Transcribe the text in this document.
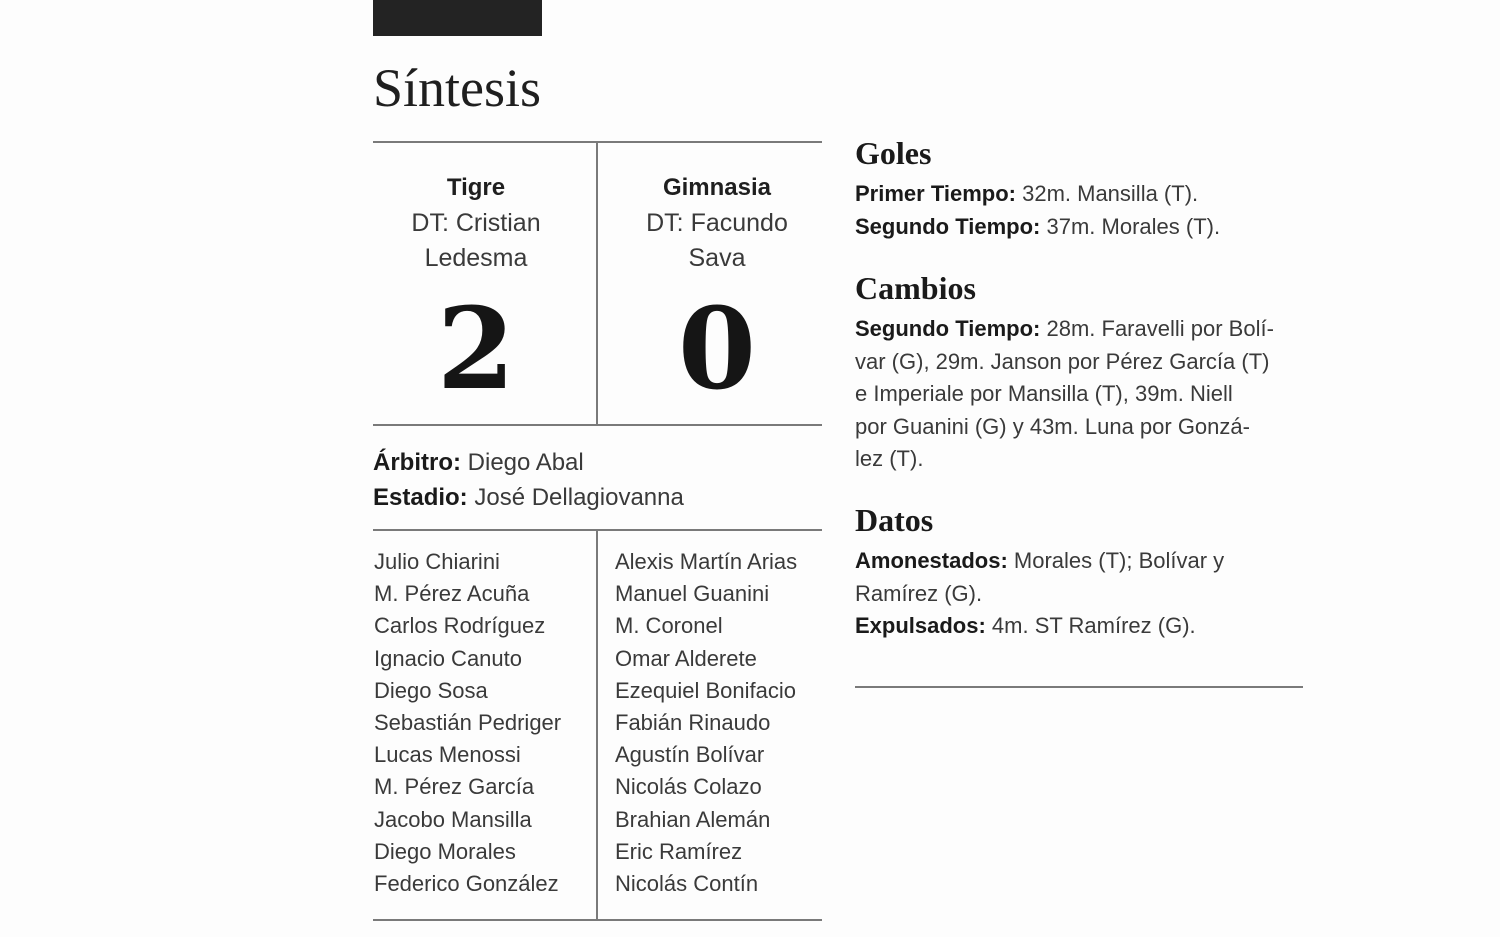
Síntesis
Tigre
DT: Cristian
Ledesma
Gimnasia
DT: Facundo
Sava
2	0
Árbitro: Diego Abal
Estadio: José Dellagiovanna
Julio Chiarini
M. Pérez Acuña
Carlos Rodríguez
Ignacio Canuto
Diego Sosa
Sebastián Pedriger
Lucas Menossi
M. Pérez García
Jacobo Mansilla
Diego Morales
Federico González
Alexis Martín Arias
Manuel Guanini
M. Coronel
Omar Alderete
Ezequiel Bonifacio
Fabián Rinaudo
Agustín Bolívar
Nicolás Colazo
Brahian Alemán
Eric Ramírez
Nicolás Contín
Goles

Primer Tiempo: 32m. Mansilla (T).

Segundo Tiempo: 37m. Morales (T).

Cambios

Segundo Tiempo: 28m. Faravelli por Bolí-

var (G), 29m. Janson por Pérez García (T)

e Imperiale por Mansilla (T), 39m. Niell

por Guanini (G) y 43m. Luna por Gonzá-

lez (T).

Datos

Amonestados: Morales (T); Bolívar y

Ramírez (G).

Expulsados: 4m. ST Ramírez (G).
